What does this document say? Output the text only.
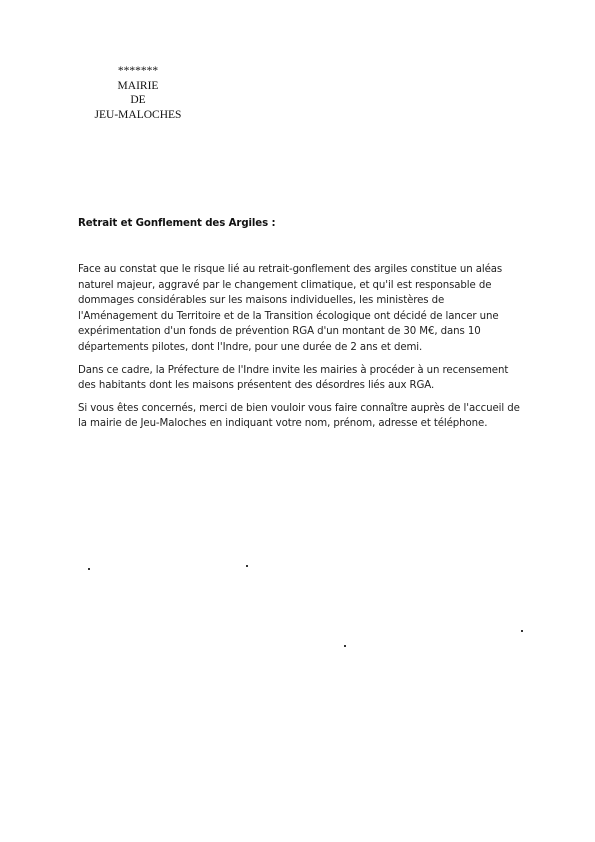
*******
MAIRIE
DE
JEU-MALOCHES
Retrait et Gonflement des Argiles :

Face au constat que le risque lié au retrait-gonflement des argiles constitue un aléas naturel majeur, aggravé par le changement climatique, et qu'il est responsable de dommages considérables sur les maisons individuelles, les ministères de l'Aménagement du Territoire et de la Transition écologique ont décidé de lancer une expérimentation d'un fonds de prévention RGA d'un montant de 30 M€, dans 10 départements pilotes, dont l'Indre, pour une durée de 2 ans et demi.

Dans ce cadre, la Préfecture de l'Indre invite les mairies à procéder à un recensement des habitants dont les maisons présentent des désordres liés aux RGA.

Si vous êtes concernés, merci de bien vouloir vous faire connaître auprès de l'accueil de la mairie de Jeu-Maloches en indiquant votre nom, prénom, adresse et téléphone.
